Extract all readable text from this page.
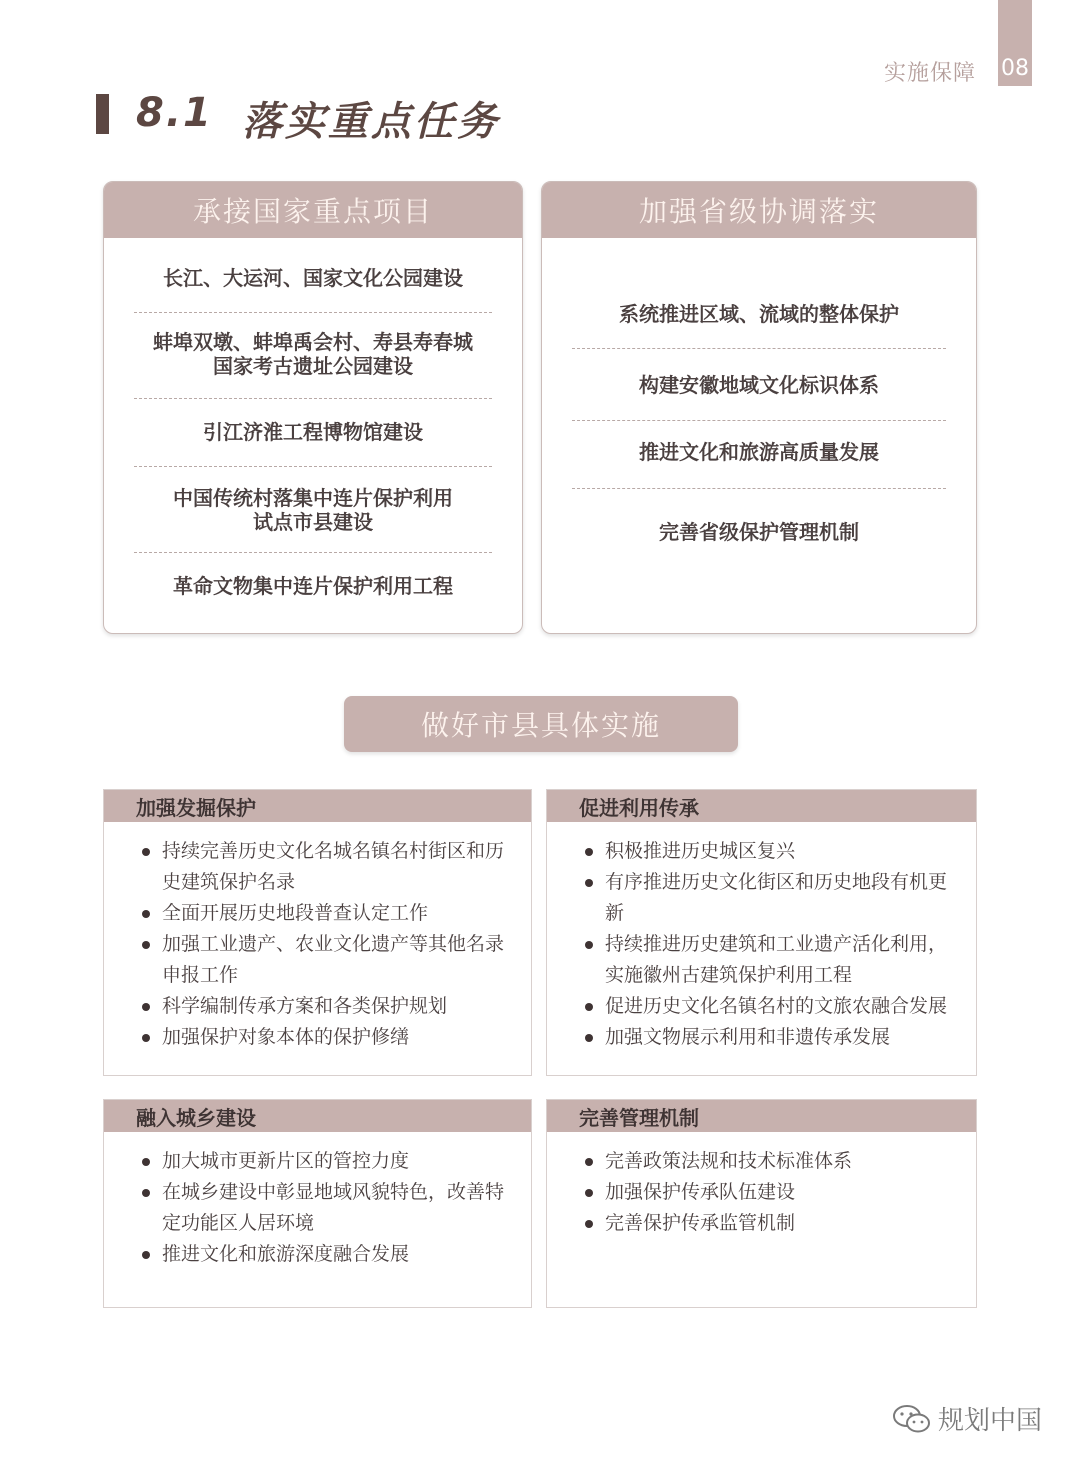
实施保障 08
8.1 落实重点任务
承接国家重点项目
长江、大运河、国家文化公园建设
蚌埠双墩、蚌埠禹会村、寿县寿春城
国家考古遗址公园建设
引江济淮工程博物馆建设
中国传统村落集中连片保护利用
试点市县建设
革命文物集中连片保护利用工程
加强省级协调落实
系统推进区域、流域的整体保护
构建安徽地域文化标识体系
推进文化和旅游高质量发展
完善省级保护管理机制
做好市县具体实施
加强发掘保护
持续完善历史文化名城名镇名村街区和历史建筑保护名录
全面开展历史地段普查认定工作
加强工业遗产、农业文化遗产等其他名录申报工作
科学编制传承方案和各类保护规划
加强保护对象本体的保护修缮
促进利用传承
积极推进历史城区复兴
有序推进历史文化街区和历史地段有机更新
持续推进历史建筑和工业遗产活化利用，实施徽州古建筑保护利用工程
促进历史文化名镇名村的文旅农融合发展
加强文物展示利用和非遗传承发展
融入城乡建设
加大城市更新片区的管控力度
在城乡建设中彰显地域风貌特色，改善特定功能区人居环境
推进文化和旅游深度融合发展
完善管理机制
完善政策法规和技术标准体系
加强保护传承队伍建设
完善保护传承监管机制
规划中国
